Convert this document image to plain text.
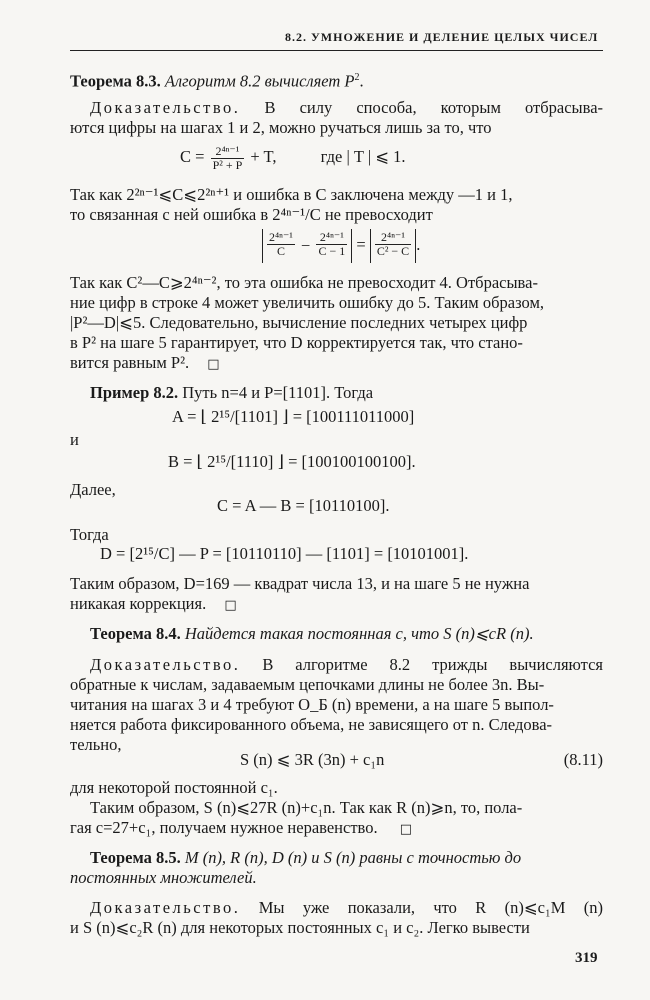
8.2. УМНОЖЕНИЕ И ДЕЛЕНИЕ ЦЕЛЫХ ЧИСЕЛ
Теорема 8.3. Алгоритм 8.2 вычисляет $P^2$.
Доказательство. В силу способа, которым отбрасыва-
ются цифры на шагах 1 и 2, можно ручаться лишь за то, что
$C = \frac{\text{2⁴ⁿ⁻¹}}{\text{P² + P}} + T$,	где | T | ⩽ 1.
Так как 2²ⁿ⁻¹⩽C⩽2²ⁿ⁺¹ и ошибка в C заключена между —1 и 1,
то связанная с ней ошибка в 2⁴ⁿ⁻¹/C не превосходит
$\frac{\text{2⁴ⁿ⁻¹}}{C} - \frac{\text{2⁴ⁿ⁻¹}}{C - 1} = \frac{\text{2⁴ⁿ⁻¹}}{\text{C² − C}}$ .
Так как C²—C⩾2⁴ⁿ⁻², то эта ошибка не превосходит 4. Отбрасыва-
ние цифр в строке 4 может увеличить ошибку до 5. Таким образом,
|P²—D|⩽5. Следовательно, вычисление последних четырех цифр
в P² на шаге 5 гарантирует, что D корректируется так, что стано-
вится равным P². □
Пример 8.2. Путь n=4 и P=[1101]. Тогда
A = ⌊ 2¹⁵/[1101] ⌋ = [100111011000]
и
B = ⌊ 2¹⁵/[1110] ⌋ = [100100100100].
Далее,
C = A — B = [10110100].
Тогда
D = [2¹⁵/C] — P = [10110110] — [1101] = [10101001].
Таким образом, D=169 — квадрат числа 13, и на шаге 5 не нужна
никакая коррекция. □
Теорема 8.4. Найдется такая постоянная c, что S (n)⩽cR (n).
Доказательство. В алгоритме 8.2 трижды вычисляются
обратные к числам, задаваемым цепочками длины не более 3n. Вы-
читания на шагах 3 и 4 требуют O_Б (n) времени, а на шаге 5 выпол-
няется работа фиксированного объема, не зависящего от n. Следова-
тельно,
S (n) ⩽ 3R (3n) + c₁n	(8.11)
для некоторой постоянной c₁.
Таким образом, S (n)⩽27R (n)+c₁n. Так как R (n)⩾n, то, пола-
гая c=27+c₁, получаем нужное неравенство. □
Теорема 8.5. M (n), R (n), D (n) и S (n) равны с точностью до
постоянных множителей.
Доказательство. Мы уже показали, что R (n)⩽c₁M (n)
и S (n)⩽c₂R (n) для некоторых постоянных c₁ и c₂. Легко вывести
319
